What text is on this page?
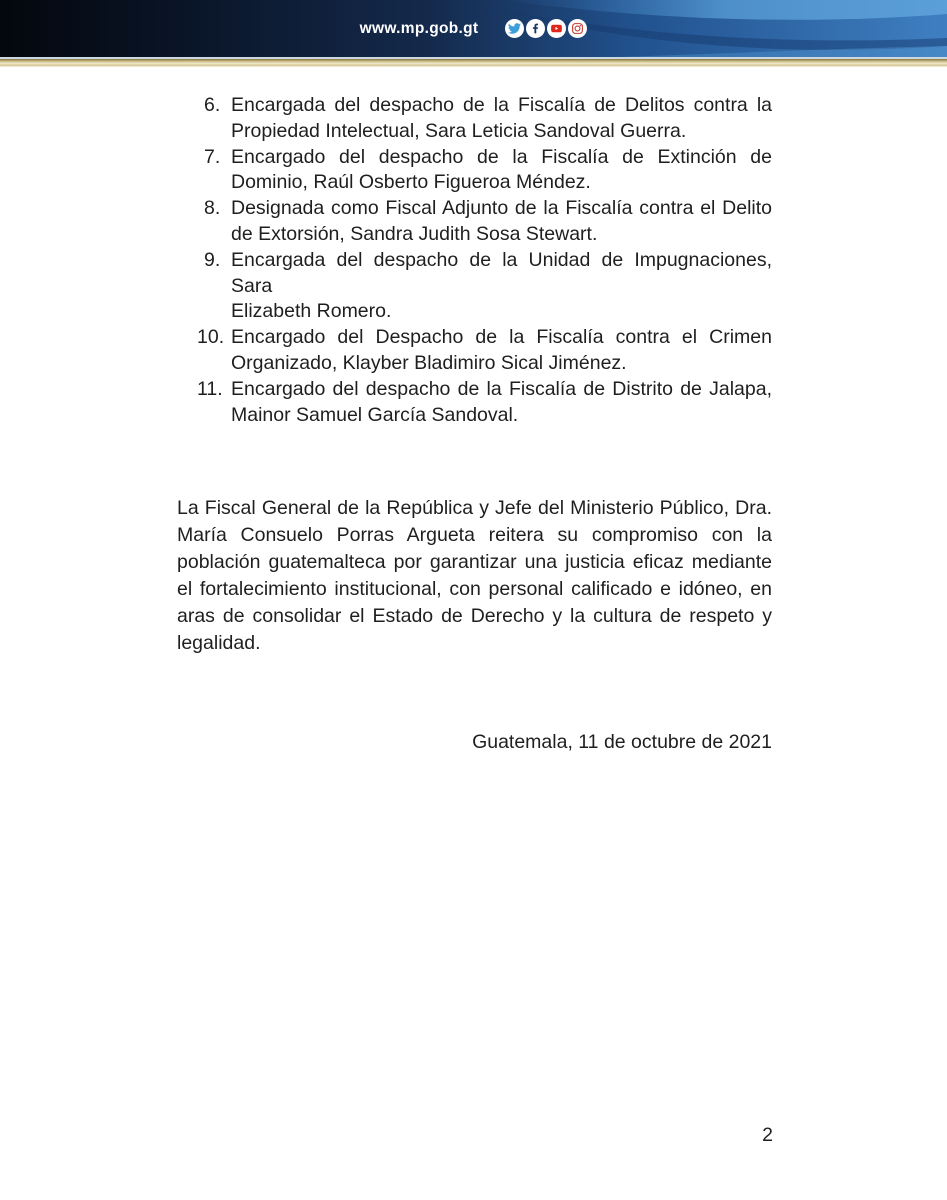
www.mp.gob.gt
6. Encargada del despacho de la Fiscalía de Delitos contra la
Propiedad Intelectual, Sara Leticia Sandoval Guerra.
7. Encargado del despacho de la Fiscalía de Extinción de
Dominio, Raúl Osberto Figueroa Méndez.
8. Designada como Fiscal Adjunto de la Fiscalía contra el Delito
de Extorsión, Sandra Judith Sosa Stewart.
9. Encargada del despacho de la Unidad de Impugnaciones, Sara
Elizabeth Romero.
10. Encargado del Despacho de la Fiscalía contra el Crimen
Organizado, Klayber Bladimiro Sical Jiménez.
11. Encargado del despacho de la Fiscalía de Distrito de Jalapa,
Mainor Samuel García Sandoval.
La Fiscal General de la República y Jefe del Ministerio Público, Dra.
María Consuelo Porras Argueta reitera su compromiso con la
población guatemalteca por garantizar una justicia eficaz mediante
el fortalecimiento institucional, con personal calificado e idóneo, en
aras de consolidar el Estado de Derecho y la cultura de respeto y
legalidad.
Guatemala, 11 de octubre de 2021
2
